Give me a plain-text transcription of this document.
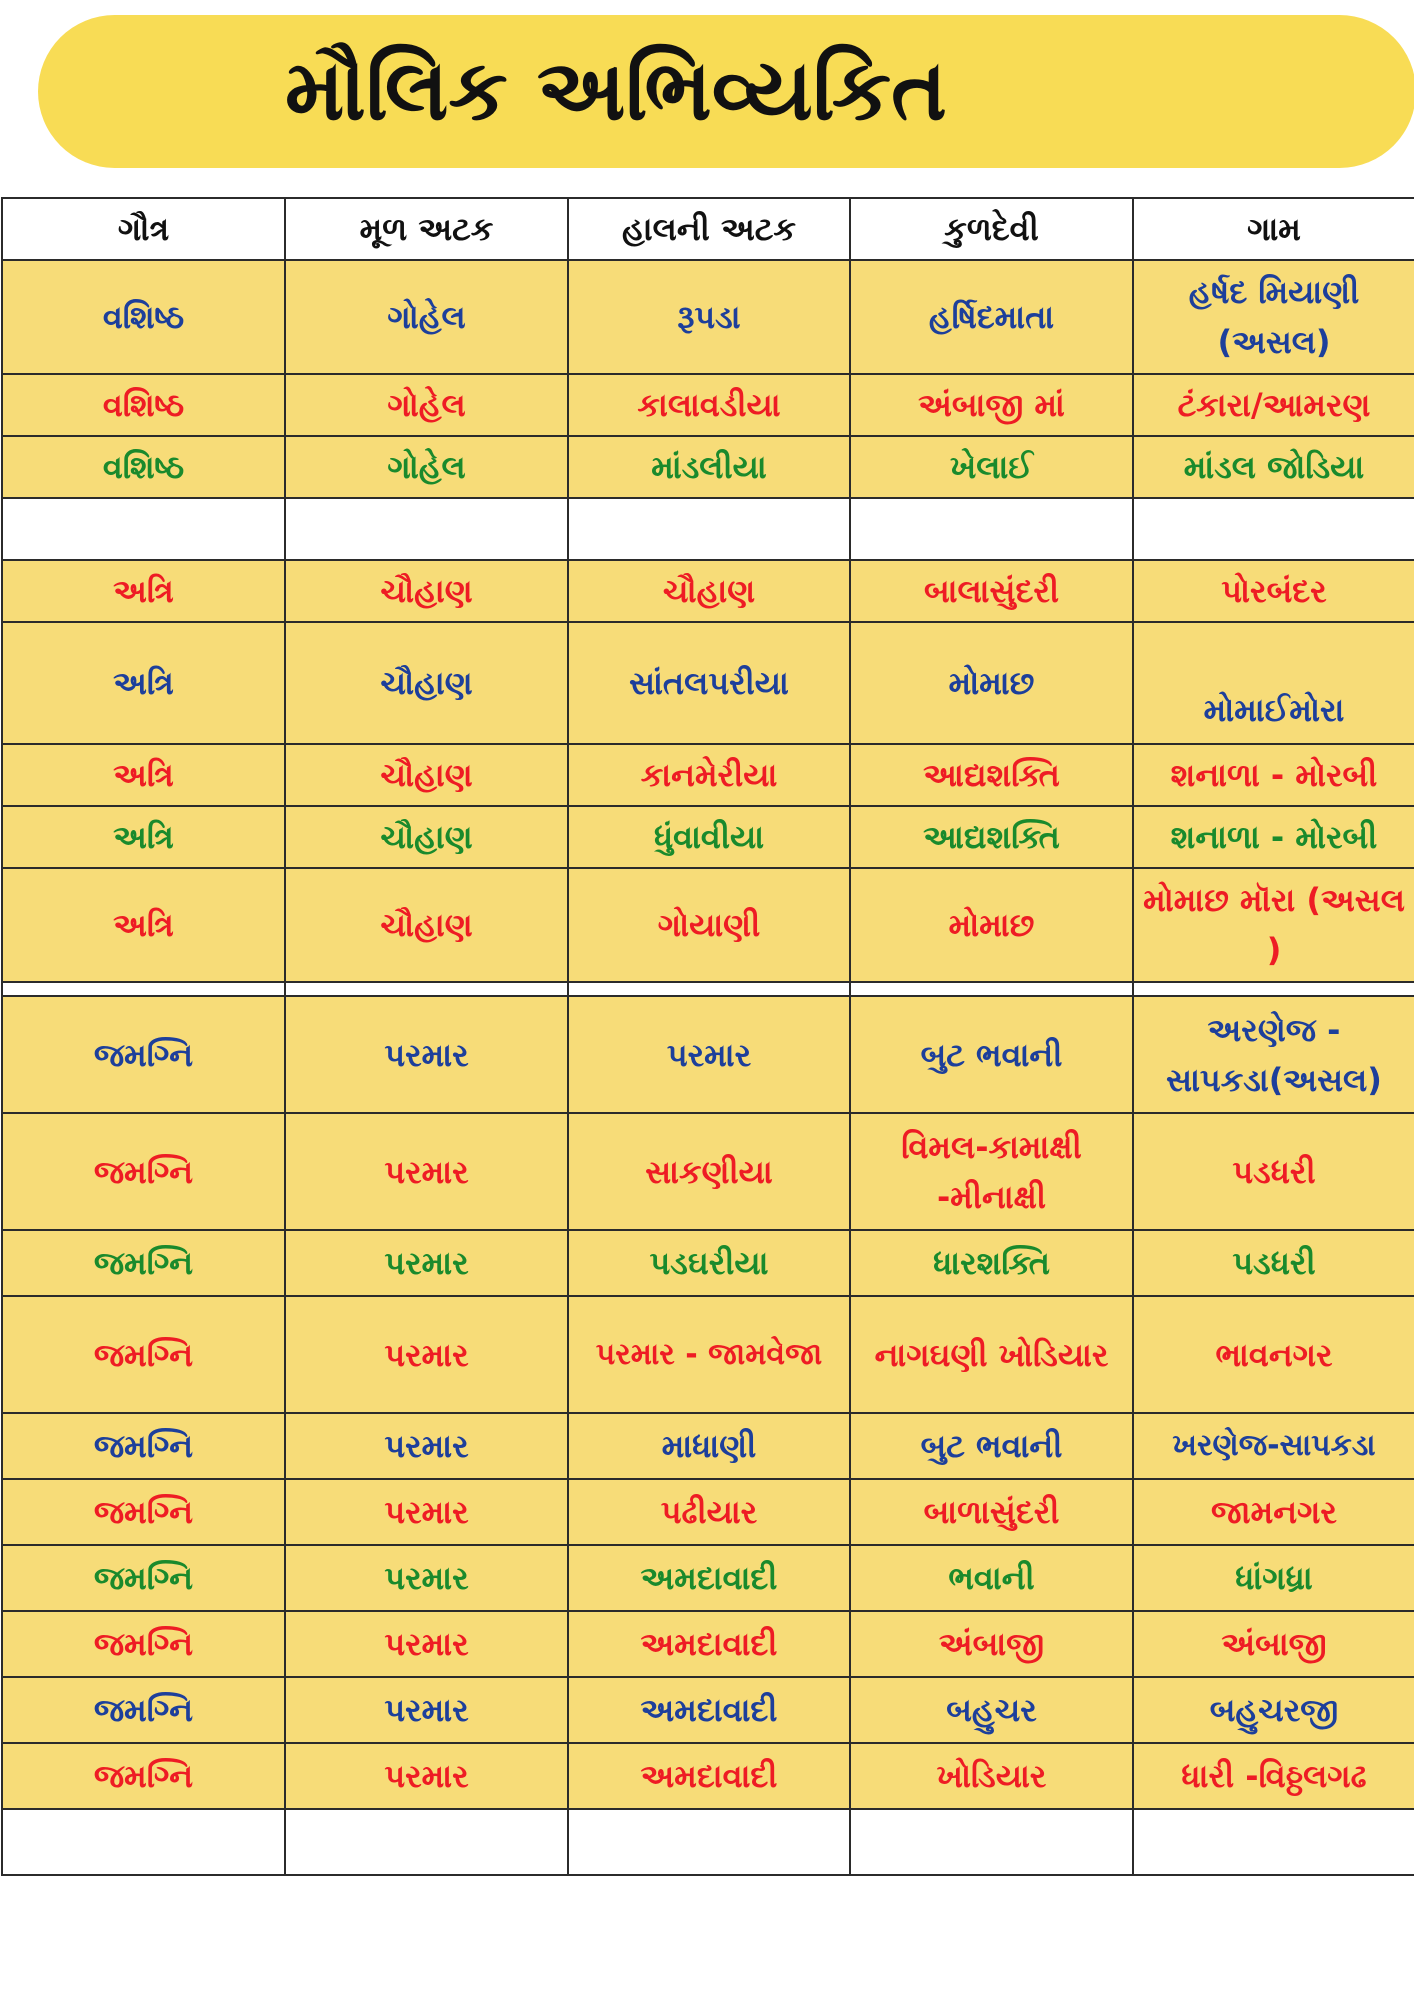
મૌલિક અભિવ્યકિત
ગૌત્ર	મૂળ અટક	હાલની અટક	કુળદેવી	ગામ
વશિષ્ઠ	ગોહેલ	રૂપડા	હર્ષિદમાતા	હર્ષદ મિયાણી (અસલ)
વશિષ્ઠ	ગોહેલ	કાલાવડીયા	અંબાજી માં	ટંકારા/આમરણ
વશિષ્ઠ	ગોહેલ	માંડલીયા	ખેલાઈ	માંડલ જોડિયા

અત્રિ	ચૌહાણ	ચૌહાણ	બાલાસુંદરી	પોરબંદર
અત્રિ	ચૌહાણ	સાંતલપરીયા	મોમાછ	મોમાઈમોરા
અત્રિ	ચૌહાણ	કાનમેરીયા	આદ્યશક્તિ	શનાળા - મોરબી
અત્રિ	ચૌહાણ	ધુંવાવીયા	આદ્યશક્તિ	શનાળા - મોરબી
અત્રિ	ચૌહાણ	ગોયાણી	મોમાછ	મોમાછ મૉરા (અસલ )

જમગ્નિ	પરમાર	પરમાર	બુટ ભવાની	અરણેજ - સાપકડા(અસલ)
જમગ્નિ	પરમાર	સાકણીયા	વિમલ-કામાક્ષી -મીનાક્ષી	પડધરી
જમગ્નિ	પરમાર	પડઘરીયા	ધારશક્તિ	પડધરી
જમગ્નિ	પરમાર	પરમાર - જામવેજા	નાગઘણી ખોડિયાર	ભાવનગર
જમગ્નિ	પરમાર	માધાણી	બુટ ભવાની	ખરણેજ-સાપકડા
જમગ્નિ	પરમાર	પઢીયાર	બાળાસુંદરી	જામનગર
જમગ્નિ	પરમાર	અમદાવાદી	ભવાની	ધાંગધ્રા
જમગ્નિ	પરમાર	અમદાવાદી	અંબાજી	અંબાજી
જમગ્નિ	પરમાર	અમદાવાદી	બહુચર	બહુચરજી
જમગ્નિ	પરમાર	અમદાવાદી	ખોડિયાર	ધારી -વિઠ્ઠલગઢ
